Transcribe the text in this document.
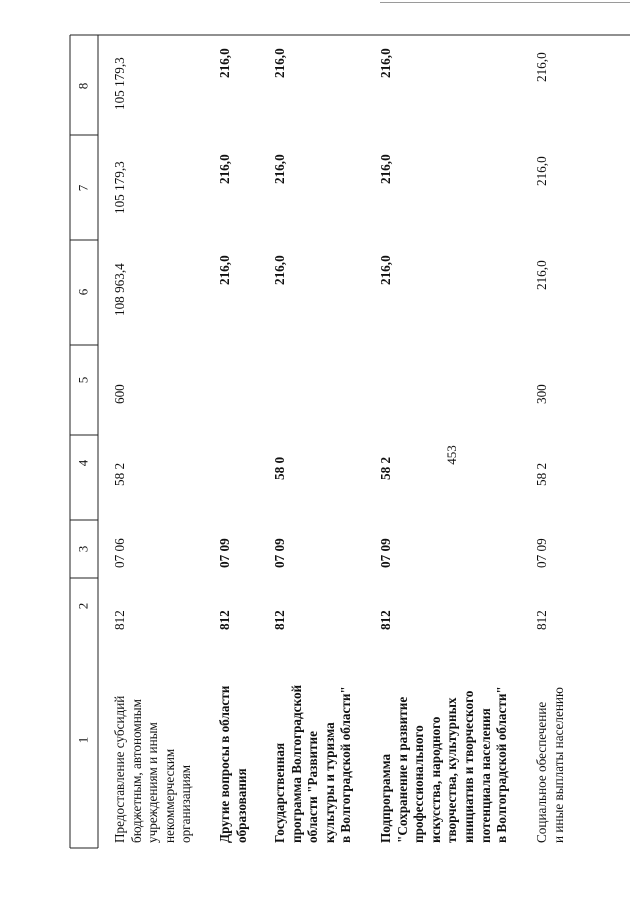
453
1
2
3
4
5
6
7
8
Предоставление субсидий бюджетным, автономным учреждениям и иным некоммерческим организациям
812
07 06
58 2
600
108 963,4
105 179,3
105 179,3
Другие вопросы в области образования
812
07 09
216,0
216,0
216,0
Государственная программа Волгоградской области "Развитие культуры и туризма в Волгоградской области"
812
07 09
58 0
216,0
216,0
216,0
Подпрограмма "Сохранение и развитие профессионального искусства, народного творчества, культурных инициатив и творческого потенциала населения в Волгоградской области"
812
07 09
58 2
216,0
216,0
216,0
Социальное обеспечение и иные выплаты населению
812
07 09
58 2
300
216,0
216,0
216,0
